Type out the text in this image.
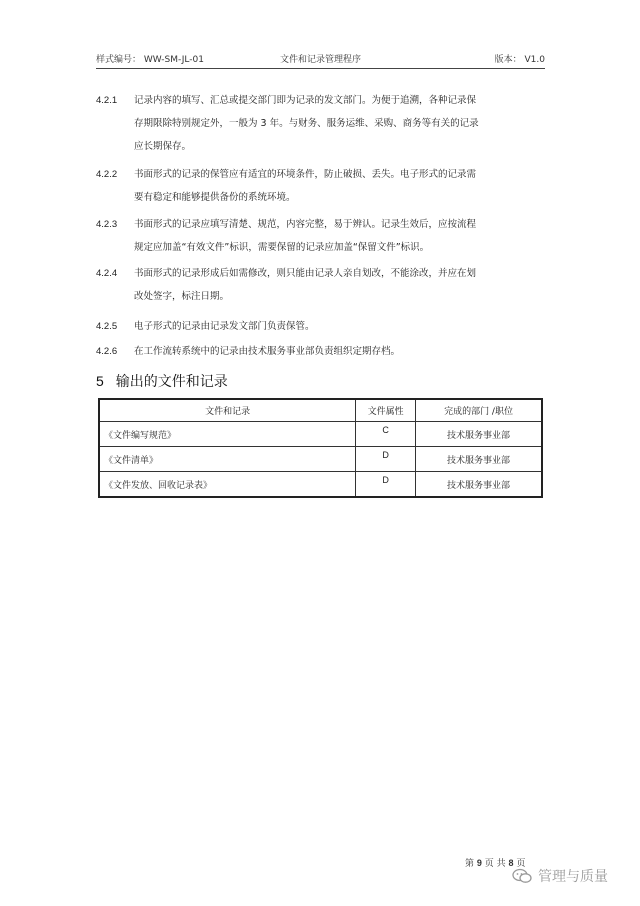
样式编号： WW-SM-JL-01	文件和记录管理程序	版本： V1.0
4.2.1 记录内容的填写、汇总或提交部门即为记录的发文部门。为便于追溯，各种记录保
存期限除特别规定外，一般为 3 年。与财务、服务运维、采购、商务等有关的记录
应长期保存。
4.2.2 书面形式的记录的保管应有适宜的环境条件，防止破损、丢失。电子形式的记录需
要有稳定和能够提供备份的系统环境。
4.2.3 书面形式的记录应填写清楚、规范，内容完整，易于辨认。记录生效后，应按流程
规定应加盖“有效文件”标识，需要保留的记录应加盖“保留文件”标识。
4.2.4 书面形式的记录形成后如需修改，则只能由记录人亲自划改，不能涂改，并应在划
改处签字，标注日期。
4.2.5 电子形式的记录由记录发文部门负责保管。
4.2.6 在工作流转系统中的记录由技术服务事业部负责组织定期存档。
5 输出的文件和记录
文件和记录	文件属性	完成的部门 /职位
《文件编写规范》	C	技术服务事业部
《文件清单》	D	技术服务事业部
《文件发放、回收记录表》	D	技术服务事业部
第 9 页 共 8 页
管理与质量
